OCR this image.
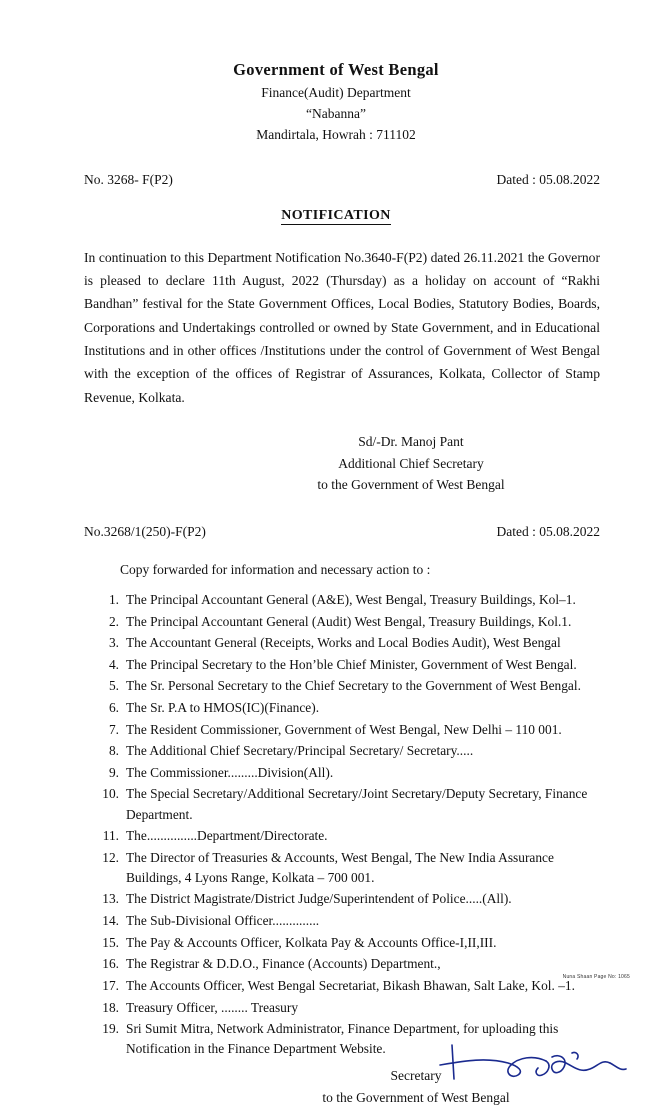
Government of West Bengal
Finance(Audit) Department
“Nabanna”
Mandirtala, Howrah : 711102
No. 3268- F(P2)	Dated : 05.08.2022
NOTIFICATION
In continuation to this Department Notification No.3640-F(P2) dated 26.11.2021 the Governor is pleased to declare 11th August, 2022 (Thursday) as a holiday on account of “Rakhi Bandhan” festival for the State Government Offices, Local Bodies, Statutory Bodies, Boards, Corporations and Undertakings controlled or owned by State Government, and in Educational Institutions and in other offices /Institutions under the control of Government of West Bengal with the exception of the offices of Registrar of Assurances, Kolkata, Collector of Stamp Revenue, Kolkata.
Sd/-Dr. Manoj Pant
Additional Chief Secretary
to the Government of West Bengal
No.3268/1(250)-F(P2)	Dated : 05.08.2022
Copy forwarded for information and necessary action to :
1. The Principal Accountant General (A&E), West Bengal, Treasury Buildings, Kol–1.
2. The Principal Accountant General (Audit) West Bengal, Treasury Buildings, Kol.1.
3. The Accountant General (Receipts, Works and Local Bodies Audit), West Bengal
4. The Principal Secretary to the Hon’ble Chief Minister, Government of West Bengal.
5. The Sr. Personal Secretary to the Chief Secretary to the Government of West Bengal.
6. The Sr. P.A to HMOS(IC)(Finance).
7. The Resident Commissioner, Government of West Bengal, New Delhi – 110 001.
8. The Additional Chief Secretary/Principal Secretary/ Secretary.....
9. The Commissioner.........Division(All).
10. The Special Secretary/Additional Secretary/Joint Secretary/Deputy Secretary, Finance Department.
11. The...............Department/Directorate.
12. The Director of Treasuries & Accounts, West Bengal, The New India Assurance Buildings, 4 Lyons Range, Kolkata – 700 001.
13. The District Magistrate/District Judge/Superintendent of Police.....(All).
14. The Sub-Divisional Officer..............
15. The Pay & Accounts Officer, Kolkata Pay & Accounts Office-I,II,III.
16. The Registrar & D.D.O., Finance (Accounts) Department.,
17. The Accounts Officer, West Bengal Secretariat, Bikash Bhawan, Salt Lake, Kol. –1.
18. Treasury Officer, ........ Treasury
19. Sri Sumit Mitra, Network Administrator, Finance Department, for uploading this Notification in the Finance Department Website.
Secretary
to the Government of West Bengal
Nuna Shaan Page No: 1065
